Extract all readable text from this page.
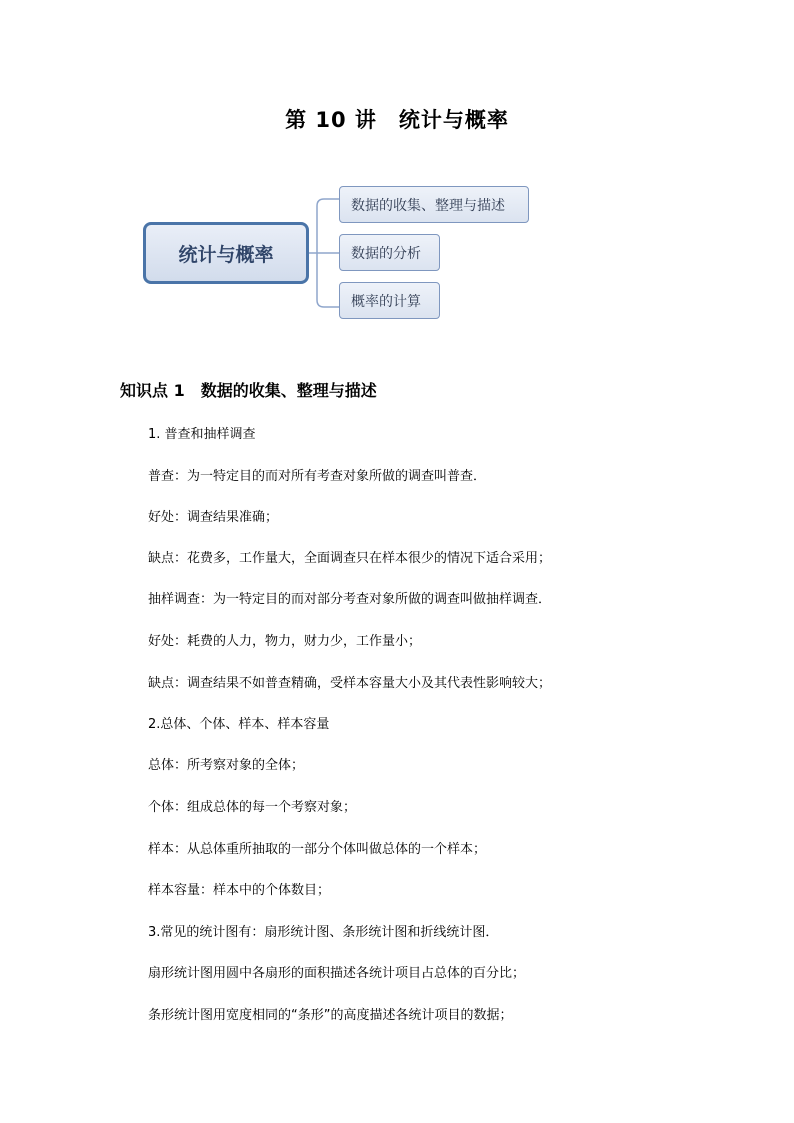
第 10 讲　统计与概率
统计与概率
数据的收集、整理与描述
数据的分析
概率的计算
知识点 1　数据的收集、整理与描述
1. 普查和抽样调查
普查：为一特定目的而对所有考查对象所做的调查叫普查．
好处：调查结果准确；
缺点：花费多，工作量大，全面调查只在样本很少的情况下适合采用；
抽样调查：为一特定目的而对部分考查对象所做的调查叫做抽样调查．
好处：耗费的人力，物力，财力少，工作量小；
缺点：调查结果不如普查精确，受样本容量大小及其代表性影响较大；
2.总体、个体、样本、样本容量
总体：所考察对象的全体；
个体：组成总体的每一个考察对象；
样本：从总体重所抽取的一部分个体叫做总体的一个样本；
样本容量：样本中的个体数目；
3.常见的统计图有：扇形统计图、条形统计图和折线统计图．
扇形统计图用圆中各扇形的面积描述各统计项目占总体的百分比；
条形统计图用宽度相同的“条形”的高度描述各统计项目的数据；
